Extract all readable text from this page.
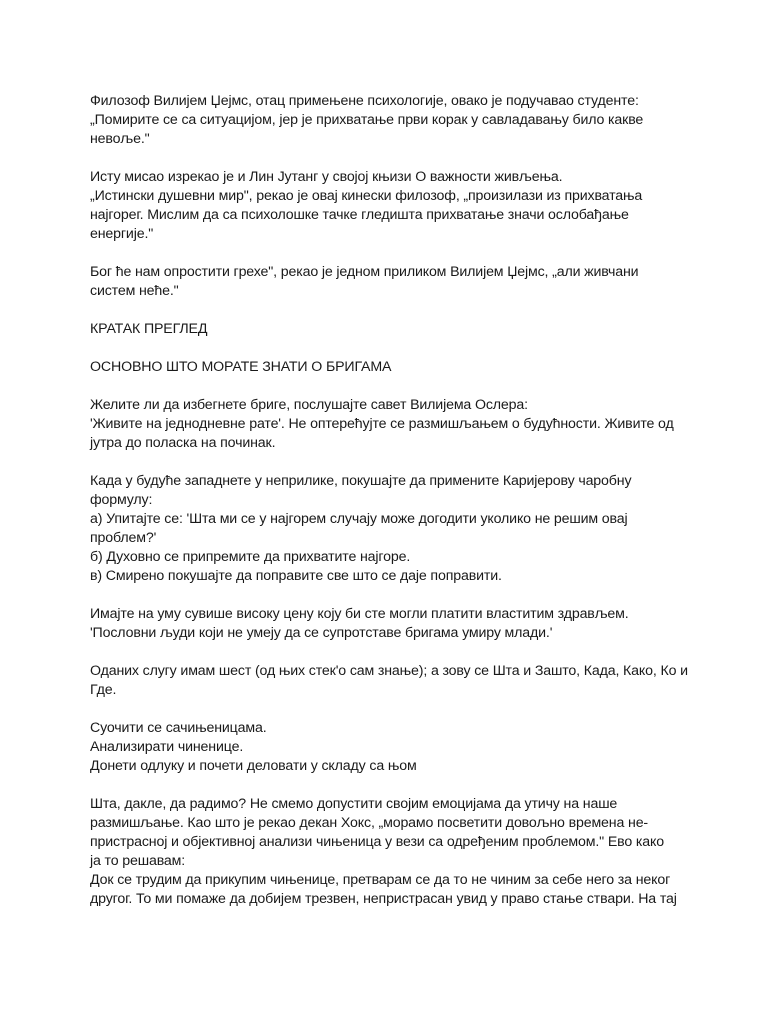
Филозоф Вилијем Џејмс, отац примењене психологије, овако је подучавао студенте:
„Помирите се са ситуацијом, јер је прихватање први корак у савладавању било какве
невоље."
Исту мисао изрекао је и Лин Јутанг у својој књизи О важности живљења.
„Истински душевни мир", рекао је овај кинески филозоф, „произилази из прихватања
најгорег. Мислим да са психолошке тачке гледишта прихватање значи ослобађање
енергије."
Бог ће нам опростити грехе", рекао је једном приликом Вилијем Џејмс, „али живчани
систем неће."
КРАТАК ПРЕГЛЕД
ОСНОВНО ШТО МОРАТЕ ЗНАТИ О БРИГАМА
Желите ли да избегнете бриге, послушајте савет Вилијема Ослера:
'Живите на једнодневне рате'. Не оптерећујте се размишљањем о будућности. Живите од
јутра до поласка на починак.
Када у будуће западнете у неприлике, покушајте да примените Каријерову чаробну
формулу:
а) Упитајте се: 'Шта ми се у најгорем случају може догодити уколико не решим овај
проблем?'
б) Духовно се припремите да прихватите најгоре.
в) Смирено покушајте да поправите све што се даје поправити.
Имајте на уму сувише високу цену коју би сте могли платити властитим здрављем.
'Пословни људи који не умеју да се супротставе бригама умиру млади.'
Оданих слугу имам шест (од њих стек'о сам знање); а зову се Шта и Зашто, Када, Како, Ко и
Где.
Суочити се сачињеницама.
Анализирати чиненице.
Донети одлуку и почети деловати у складу са њом
Шта, дакле, да радимо? Не смемо допустити својим емоцијама да утичу на наше
размишљање. Као што је рекао декан Хокс, „морамо посветити довољно времена не-
пристрасној и објективној анализи чињеница у вези са одређеним проблемом." Ево како
ја то решавам:
Док се трудим да прикупим чињенице, претварам се да то не чиним за себе него за неког
другог. То ми помаже да добијем трезвен, непристрасан увид у право стање ствари. На тај
